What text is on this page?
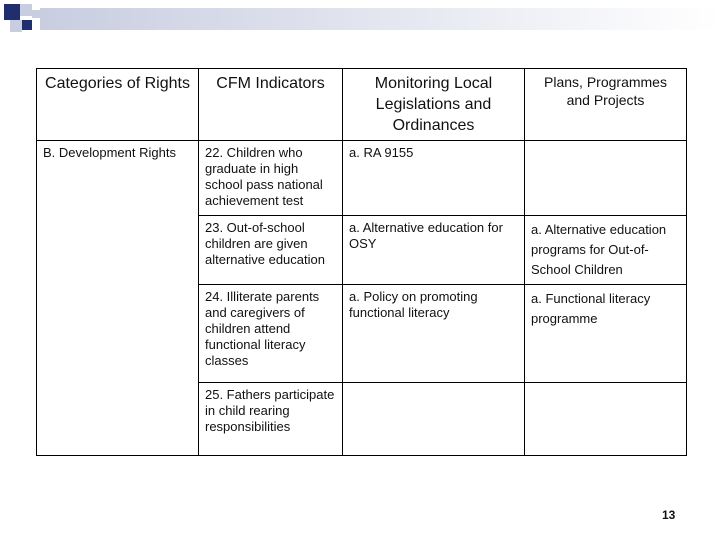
Categories of Rights	CFM Indicators	Monitoring Local Legislations and Ordinances	Plans, Programmes and Projects
B. Development Rights	22. Children who graduate in high school pass national achievement test	a. RA 9155	
	23. Out-of-school children are given alternative education	a. Alternative education for OSY	a. Alternative education programs for Out-of-School Children
	24. Illiterate parents and caregivers of children attend functional literacy classes	a. Policy on promoting functional literacy	a. Functional literacy programme
	25. Fathers participate in child rearing responsibilities		
13
